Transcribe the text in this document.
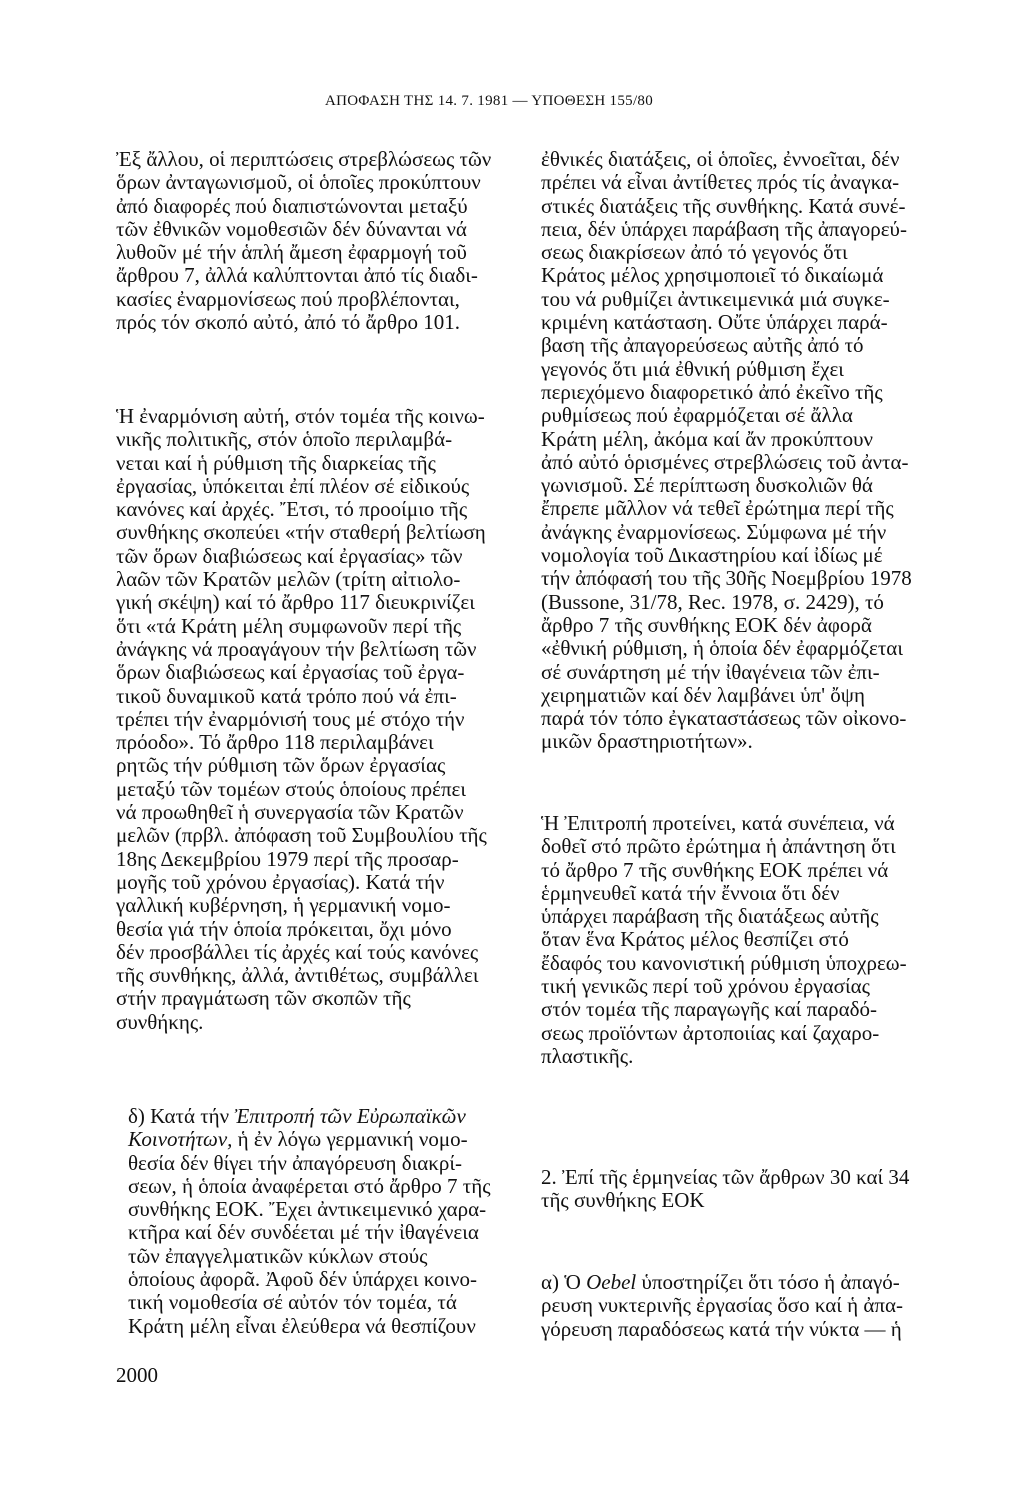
ΑΠΟΦΑΣΗ ΤΗΣ 14. 7. 1981 — ΥΠΟΘΕΣΗ 155/80

Ἐξ ἄλλου, οἱ περιπτώσεις στρεβλώσεως τῶν
ὅρων ἀνταγωνισμοῦ, οἱ ὁποῖες προκύπτουν
ἀπό διαφορές πού διαπιστώνονται μεταξύ
τῶν ἐθνικῶν νομοθεσιῶν δέν δύνανται νά
λυθοῦν μέ τήν ἁπλή ἄμεση ἐφαρμογή τοῦ
ἄρθρου 7, ἀλλά καλύπτονται ἀπό τίς διαδι-
κασίες ἐναρμονίσεως πού προβλέπονται,
πρός τόν σκοπό αὐτό, ἀπό τό ἄρθρο 101.

Ἡ ἐναρμόνιση αὐτή, στόν τομέα τῆς κοινω-
νικῆς πολιτικῆς, στόν ὁποῖο περιλαμβά-
νεται καί ἡ ρύθμιση τῆς διαρκείας τῆς
ἐργασίας, ὑπόκειται ἐπί πλέον σέ εἰδικούς
κανόνες καί ἀρχές. Ἔτσι, τό προοίμιο τῆς
συνθήκης σκοπεύει «τήν σταθερή βελτίωση
τῶν ὅρων διαβιώσεως καί ἐργασίας» τῶν
λαῶν τῶν Κρατῶν μελῶν (τρίτη αἰτιολο-
γική σκέψη) καί τό ἄρθρο 117 διευκρινίζει
ὅτι «τά Κράτη μέλη συμφωνοῦν περί τῆς
ἀνάγκης νά προαγάγουν τήν βελτίωση τῶν
ὅρων διαβιώσεως καί ἐργασίας τοῦ ἐργα-
τικοῦ δυναμικοῦ κατά τρόπο πού νά ἐπι-
τρέπει τήν ἐναρμόνισή τους μέ στόχο τήν
πρόοδο». Τό ἄρθρο 118 περιλαμβάνει
ρητῶς τήν ρύθμιση τῶν ὅρων ἐργασίας
μεταξύ τῶν τομέων στούς ὁποίους πρέπει
νά προωθηθεῖ ἡ συνεργασία τῶν Κρατῶν
μελῶν (πρβλ. ἀπόφαση τοῦ Συμβουλίου τῆς
18ης Δεκεμβρίου 1979 περί τῆς προσαρ-
μογῆς τοῦ χρόνου ἐργασίας). Κατά τήν
γαλλική κυβέρνηση, ἡ γερμανική νομο-
θεσία γιά τήν ὁποία πρόκειται, ὄχι μόνο
δέν προσβάλλει τίς ἀρχές καί τούς κανόνες
τῆς συνθήκης, ἀλλά, ἀντιθέτως, συμβάλλει
στήν πραγμάτωση τῶν σκοπῶν τῆς
συνθήκης.

δ) Κατά τήν Ἐπιτροπή τῶν Εὐρωπαϊκῶν
Κοινοτήτων, ἡ ἐν λόγω γερμανική νομο-
θεσία δέν θίγει τήν ἀπαγόρευση διακρί-
σεων, ἡ ὁποία ἀναφέρεται στό ἄρθρο 7 τῆς
συνθήκης ΕΟΚ. Ἔχει ἀντικειμενικό χαρα-
κτῆρα καί δέν συνδέεται μέ τήν ἰθαγένεια
τῶν ἐπαγγελματικῶν κύκλων στούς
ὁποίους ἀφορᾶ. Ἀφοῦ δέν ὑπάρχει κοινο-
τική νομοθεσία σέ αὐτόν τόν τομέα, τά
Κράτη μέλη εἶναι ἐλεύθερα νά θεσπίζουν

ἐθνικές διατάξεις, οἱ ὁποῖες, ἐννοεῖται, δέν
πρέπει νά εἶναι ἀντίθετες πρός τίς ἀναγκα-
στικές διατάξεις τῆς συνθήκης. Κατά συνέ-
πεια, δέν ὑπάρχει παράβαση τῆς ἀπαγορεύ-
σεως διακρίσεων ἀπό τό γεγονός ὅτι
Κράτος μέλος χρησιμοποιεῖ τό δικαίωμά
του νά ρυθμίζει ἀντικειμενικά μιά συγκε-
κριμένη κατάσταση. Οὔτε ὑπάρχει παρά-
βαση τῆς ἀπαγορεύσεως αὐτῆς ἀπό τό
γεγονός ὅτι μιά ἐθνική ρύθμιση ἔχει
περιεχόμενο διαφορετικό ἀπό ἐκεῖνο τῆς
ρυθμίσεως πού ἐφαρμόζεται σέ ἄλλα
Κράτη μέλη, ἀκόμα καί ἄν προκύπτουν
ἀπό αὐτό ὁρισμένες στρεβλώσεις τοῦ ἀντα-
γωνισμοῦ. Σέ περίπτωση δυσκολιῶν θά
ἔπρεπε μᾶλλον νά τεθεῖ ἐρώτημα περί τῆς
ἀνάγκης ἐναρμονίσεως. Σύμφωνα μέ τήν
νομολογία τοῦ Δικαστηρίου καί ἰδίως μέ
τήν ἀπόφασή του τῆς 30ῆς Νοεμβρίου 1978
(Bussone, 31/78, Rec. 1978, σ. 2429), τό
ἄρθρο 7 τῆς συνθήκης ΕΟΚ δέν ἀφορᾶ
«ἐθνική ρύθμιση, ἡ ὁποία δέν ἐφαρμόζεται
σέ συνάρτηση μέ τήν ἰθαγένεια τῶν ἐπι-
χειρηματιῶν καί δέν λαμβάνει ὑπ' ὄψη
παρά τόν τόπο ἐγκαταστάσεως τῶν οἰκονο-
μικῶν δραστηριοτήτων».

Ἡ Ἐπιτροπή προτείνει, κατά συνέπεια, νά
δοθεῖ στό πρῶτο ἐρώτημα ἡ ἀπάντηση ὅτι
τό ἄρθρο 7 τῆς συνθήκης ΕΟΚ πρέπει νά
ἑρμηνευθεῖ κατά τήν ἔννοια ὅτι δέν
ὑπάρχει παράβαση τῆς διατάξεως αὐτῆς
ὅταν ἕνα Κράτος μέλος θεσπίζει στό
ἔδαφός του κανονιστική ρύθμιση ὑποχρεω-
τική γενικῶς περί τοῦ χρόνου ἐργασίας
στόν τομέα τῆς παραγωγῆς καί παραδό-
σεως προϊόντων ἀρτοποιίας καί ζαχαρο-
πλαστικῆς.

2. Ἐπί τῆς ἑρμηνείας τῶν ἄρθρων 30 καί 34
τῆς συνθήκης ΕΟΚ

α) Ὁ Oebel ὑποστηρίζει ὅτι τόσο ἡ ἀπαγό-
ρευση νυκτερινῆς ἐργασίας ὅσο καί ἡ ἀπα-
γόρευση παραδόσεως κατά τήν νύκτα — ἡ

2000
